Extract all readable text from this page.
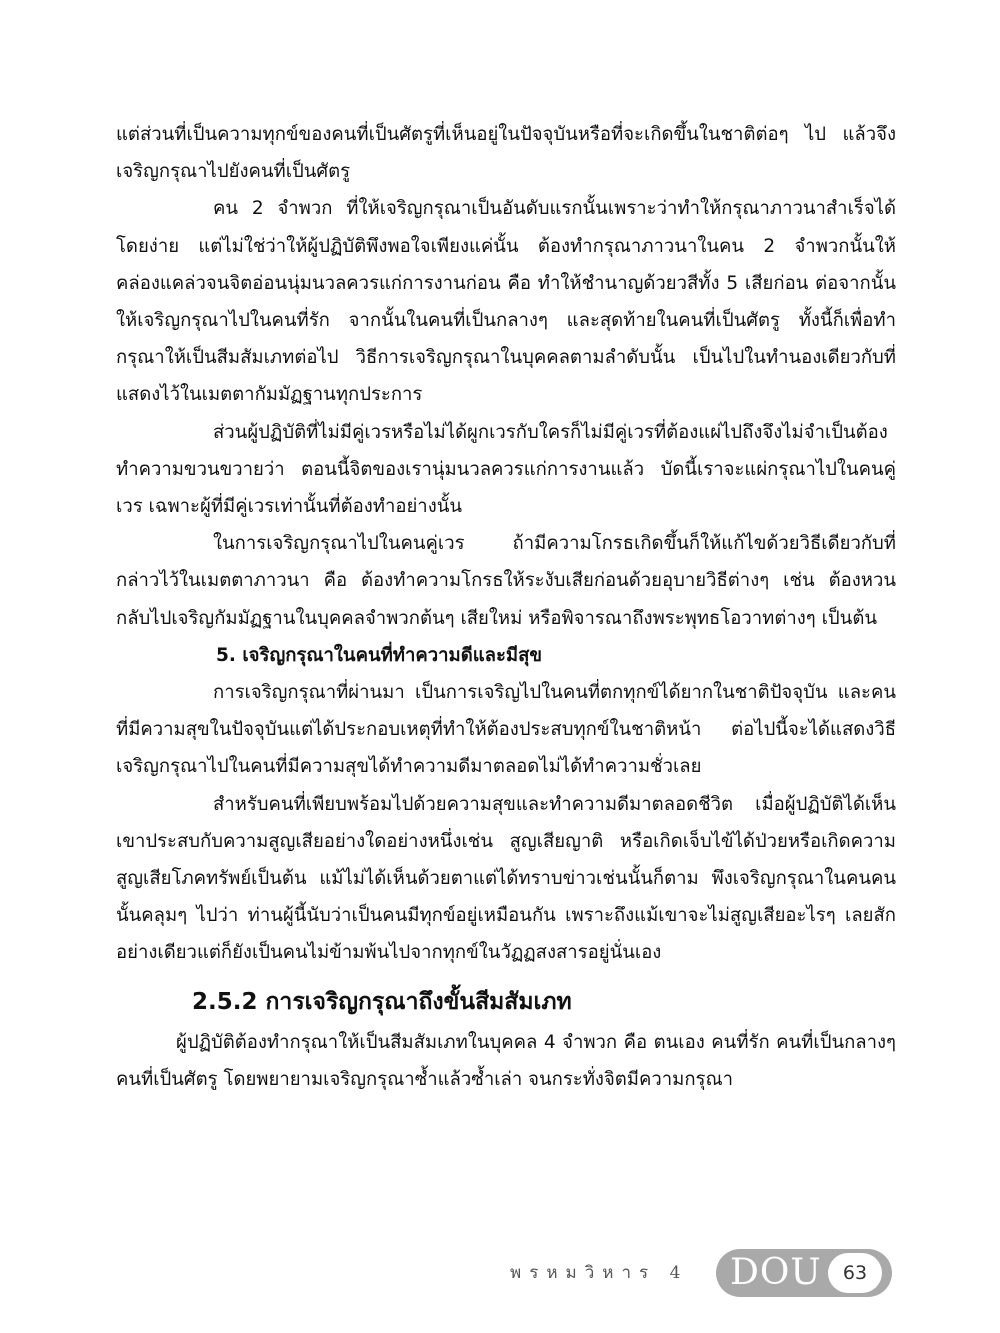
แต่ส่วนที่เป็นความทุกข์ของคนที่เป็นศัตรูที่เห็นอยู่ในปัจจุบันหรือที่จะเกิดขึ้นในชาติต่อๆ ไป แล้วจึงเจริญกรุณาไปยังคนที่เป็นศัตรู

คน 2 จำพวก ที่ให้เจริญกรุณาเป็นอันดับแรกนั้นเพราะว่าทำให้กรุณาภาวนาสำเร็จได้โดยง่าย แต่ไม่ใช่ว่าให้ผู้ปฏิบัติพึงพอใจเพียงแค่นั้น ต้องทำกรุณาภาวนาในคน 2 จำพวกนั้นให้คล่องแคล่วจนจิตอ่อนนุ่มนวลควรแก่การงานก่อน คือ ทำให้ชำนาญด้วยวสีทั้ง 5 เสียก่อน ต่อจากนั้น ให้เจริญกรุณาไปในคนที่รัก จากนั้นในคนที่เป็นกลางๆ และสุดท้ายในคนที่เป็นศัตรู ทั้งนี้ก็เพื่อทำกรุณาให้เป็นสีมสัมเภทต่อไป วิธีการเจริญกรุณาในบุคคลตามลำดับนั้น เป็นไปในทำนองเดียวกับที่แสดงไว้ในเมตตากัมมัฏฐานทุกประการ

ส่วนผู้ปฏิบัติที่ไม่มีคู่เวรหรือไม่ได้ผูกเวรกับใครก็ไม่มีคู่เวรที่ต้องแผ่ไปถึงจึงไม่จำเป็นต้องทำความขวนขวายว่า ตอนนี้จิตของเรานุ่มนวลควรแก่การงานแล้ว บัดนี้เราจะแผ่กรุณาไปในคนคู่เวร เฉพาะผู้ที่มีคู่เวรเท่านั้นที่ต้องทำอย่างนั้น

ในการเจริญกรุณาไปในคนคู่เวร ถ้ามีความโกรธเกิดขึ้นก็ให้แก้ไขด้วยวิธีเดียวกับที่กล่าวไว้ในเมตตาภาวนา คือ ต้องทำความโกรธให้ระงับเสียก่อนด้วยอุบายวิธีต่างๆ เช่น ต้องหวนกลับไปเจริญกัมมัฏฐานในบุคคลจำพวกต้นๆ เสียใหม่ หรือพิจารณาถึงพระพุทธโอวาทต่างๆ เป็นต้น

5. เจริญกรุณาในคนที่ทำความดีและมีสุข

การเจริญกรุณาที่ผ่านมา เป็นการเจริญไปในคนที่ตกทุกข์ได้ยากในชาติปัจจุบัน และคนที่มีความสุขในปัจจุบันแต่ได้ประกอบเหตุที่ทำให้ต้องประสบทุกข์ในชาติหน้า ต่อไปนี้จะได้แสดงวิธีเจริญกรุณาไปในคนที่มีความสุขได้ทำความดีมาตลอดไม่ได้ทำความชั่วเลย

สำหรับคนที่เพียบพร้อมไปด้วยความสุขและทำความดีมาตลอดชีวิต เมื่อผู้ปฏิบัติได้เห็นเขาประสบกับความสูญเสียอย่างใดอย่างหนึ่งเช่น สูญเสียญาติ หรือเกิดเจ็บไข้ได้ป่วยหรือเกิดความสูญเสียโภคทรัพย์เป็นต้น แม้ไม่ได้เห็นด้วยตาแต่ได้ทราบข่าวเช่นนั้นก็ตาม พึงเจริญกรุณาในคนคนนั้นคลุมๆ ไปว่า ท่านผู้นี้นับว่าเป็นคนมีทุกข์อยู่เหมือนกัน เพราะถึงแม้เขาจะไม่สูญเสียอะไรๆ เลยสักอย่างเดียวแต่ก็ยังเป็นคนไม่ข้ามพ้นไปจากทุกข์ในวัฏฏสงสารอยู่นั่นเอง

2.5.2 การเจริญกรุณาถึงขั้นสีมสัมเภท

ผู้ปฏิบัติต้องทำกรุณาให้เป็นสีมสัมเภทในบุคคล 4 จำพวก คือ ตนเอง คนที่รัก คนที่เป็นกลางๆ คนที่เป็นศัตรู โดยพยายามเจริญกรุณาซ้ำแล้วซ้ำเล่า จนกระทั่งจิตมีความกรุณา

พรหมวิหาร 4 DOU	63
